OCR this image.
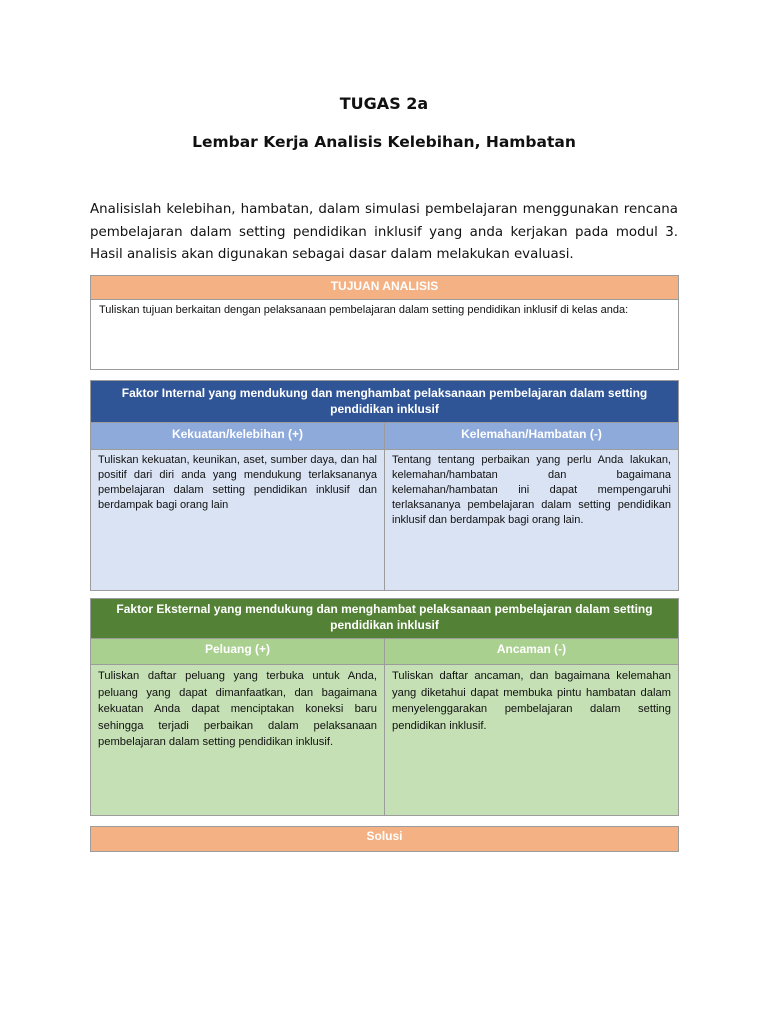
TUGAS 2a
Lembar Kerja Analisis Kelebihan, Hambatan
Analisislah kelebihan, hambatan, dalam simulasi pembelajaran menggunakan rencana pembelajaran dalam setting pendidikan inklusif yang anda kerjakan pada modul 3. Hasil analisis akan digunakan sebagai dasar dalam melakukan evaluasi.
TUJUAN ANALISIS
Tuliskan tujuan berkaitan dengan pelaksanaan pembelajaran dalam setting pendidikan inklusif di kelas anda:
Faktor Internal yang mendukung dan menghambat pelaksanaan pembelajaran dalam setting pendidikan inklusif
Kekuatan/kelebihan (+)	Kelemahan/Hambatan (-)
Tuliskan kekuatan, keunikan, aset, sumber daya, dan hal positif dari diri anda yang mendukung terlaksananya pembelajaran dalam setting pendidikan inklusif dan berdampak bagi orang lain
Tentang tentang perbaikan yang perlu Anda lakukan, kelemahan/hambatan dan bagaimana kelemahan/hambatan ini dapat mempengaruhi terlaksananya pembelajaran dalam setting pendidikan inklusif dan berdampak bagi orang lain.
Faktor Eksternal yang mendukung dan menghambat pelaksanaan pembelajaran dalam setting pendidikan inklusif
Peluang (+)	Ancaman (-)
Tuliskan daftar peluang yang terbuka untuk Anda, peluang yang dapat dimanfaatkan, dan bagaimana kekuatan Anda dapat menciptakan koneksi baru sehingga terjadi perbaikan dalam pelaksanaan pembelajaran dalam setting pendidikan inklusif.
Tuliskan daftar ancaman, dan bagaimana kelemahan yang diketahui dapat membuka pintu hambatan dalam menyelenggarakan pembelajaran dalam setting pendidikan inklusif.
Solusi
